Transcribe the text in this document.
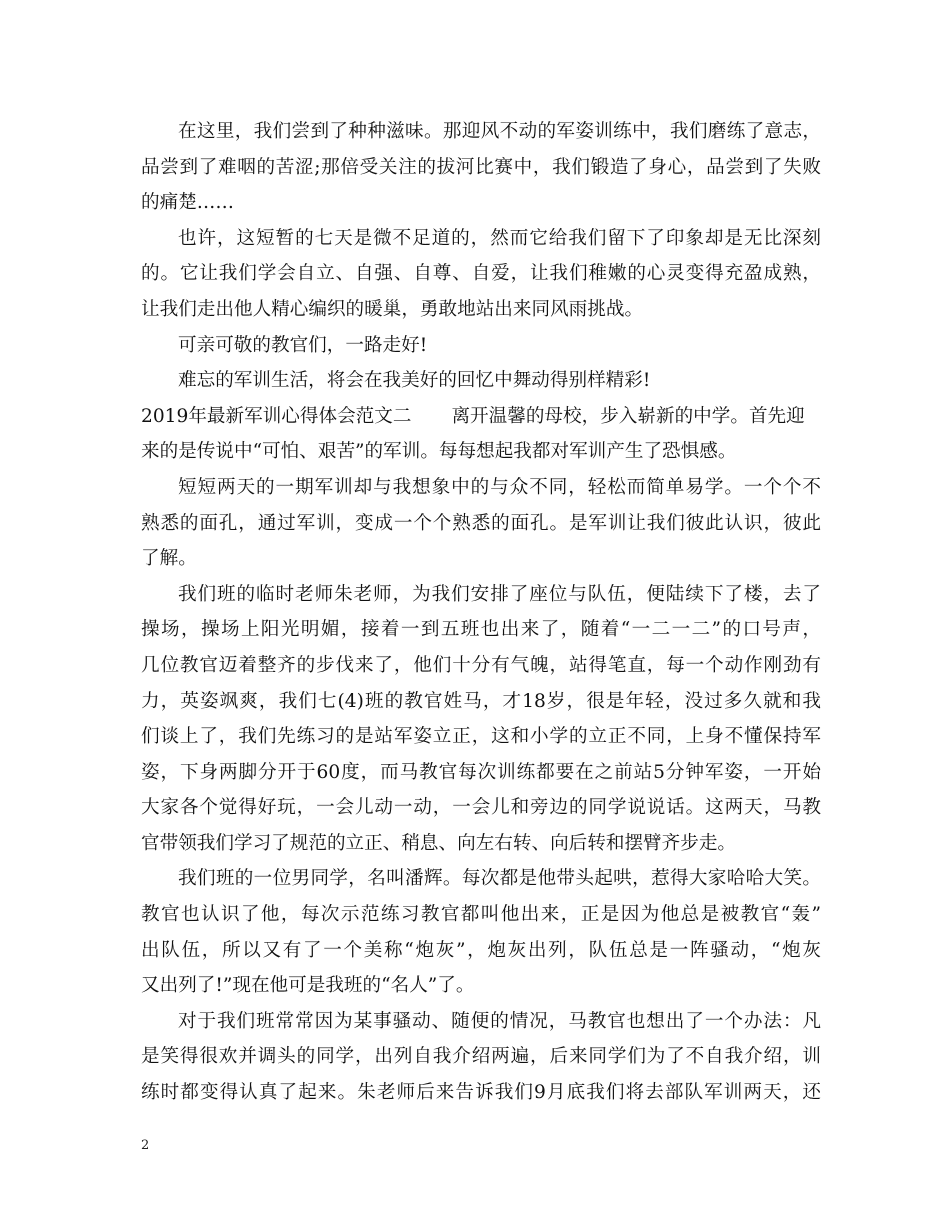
在这里，我们尝到了种种滋味。那迎风不动的军姿训练中，我们磨练了意志，
品尝到了难咽的苦涩;那倍受关注的拔河比赛中，我们锻造了身心，品尝到了失败
的痛楚……
也许，这短暂的七天是微不足道的，然而它给我们留下了印象却是无比深刻
的。它让我们学会自立、自强、自尊、自爱，让我们稚嫩的心灵变得充盈成熟，
让我们走出他人精心编织的暖巢，勇敢地站出来同风雨挑战。
可亲可敬的教官们，一路走好!
难忘的军训生活，将会在我美好的回忆中舞动得别样精彩!
2019年最新军训心得体会范文二 离开温馨的母校，步入崭新的中学。首先迎
来的是传说中“可怕、艰苦”的军训。每每想起我都对军训产生了恐惧感。
短短两天的一期军训却与我想象中的与众不同，轻松而简单易学。一个个不
熟悉的面孔，通过军训，变成一个个熟悉的面孔。是军训让我们彼此认识，彼此
了解。
我们班的临时老师朱老师，为我们安排了座位与队伍，便陆续下了楼，去了
操场，操场上阳光明媚，接着一到五班也出来了，随着“一二一二”的口号声，
几位教官迈着整齐的步伐来了，他们十分有气魄，站得笔直，每一个动作刚劲有
力，英姿飒爽，我们七(4)班的教官姓马，才18岁，很是年轻，没过多久就和我
们谈上了，我们先练习的是站军姿立正，这和小学的立正不同，上身不懂保持军
姿，下身两脚分开于60度，而马教官每次训练都要在之前站5分钟军姿，一开始
大家各个觉得好玩，一会儿动一动，一会儿和旁边的同学说说话。这两天，马教
官带领我们学习了规范的立正、稍息、向左右转、向后转和摆臂齐步走。
我们班的一位男同学，名叫潘辉。每次都是他带头起哄，惹得大家哈哈大笑。
教官也认识了他，每次示范练习教官都叫他出来，正是因为他总是被教官“轰”
出队伍，所以又有了一个美称“炮灰”，炮灰出列，队伍总是一阵骚动，“炮灰
又出列了!”现在他可是我班的“名人”了。
对于我们班常常因为某事骚动、随便的情况，马教官也想出了一个办法：凡
是笑得很欢并调头的同学，出列自我介绍两遍，后来同学们为了不自我介绍，训
练时都变得认真了起来。朱老师后来告诉我们9月底我们将去部队军训两天，还
2
